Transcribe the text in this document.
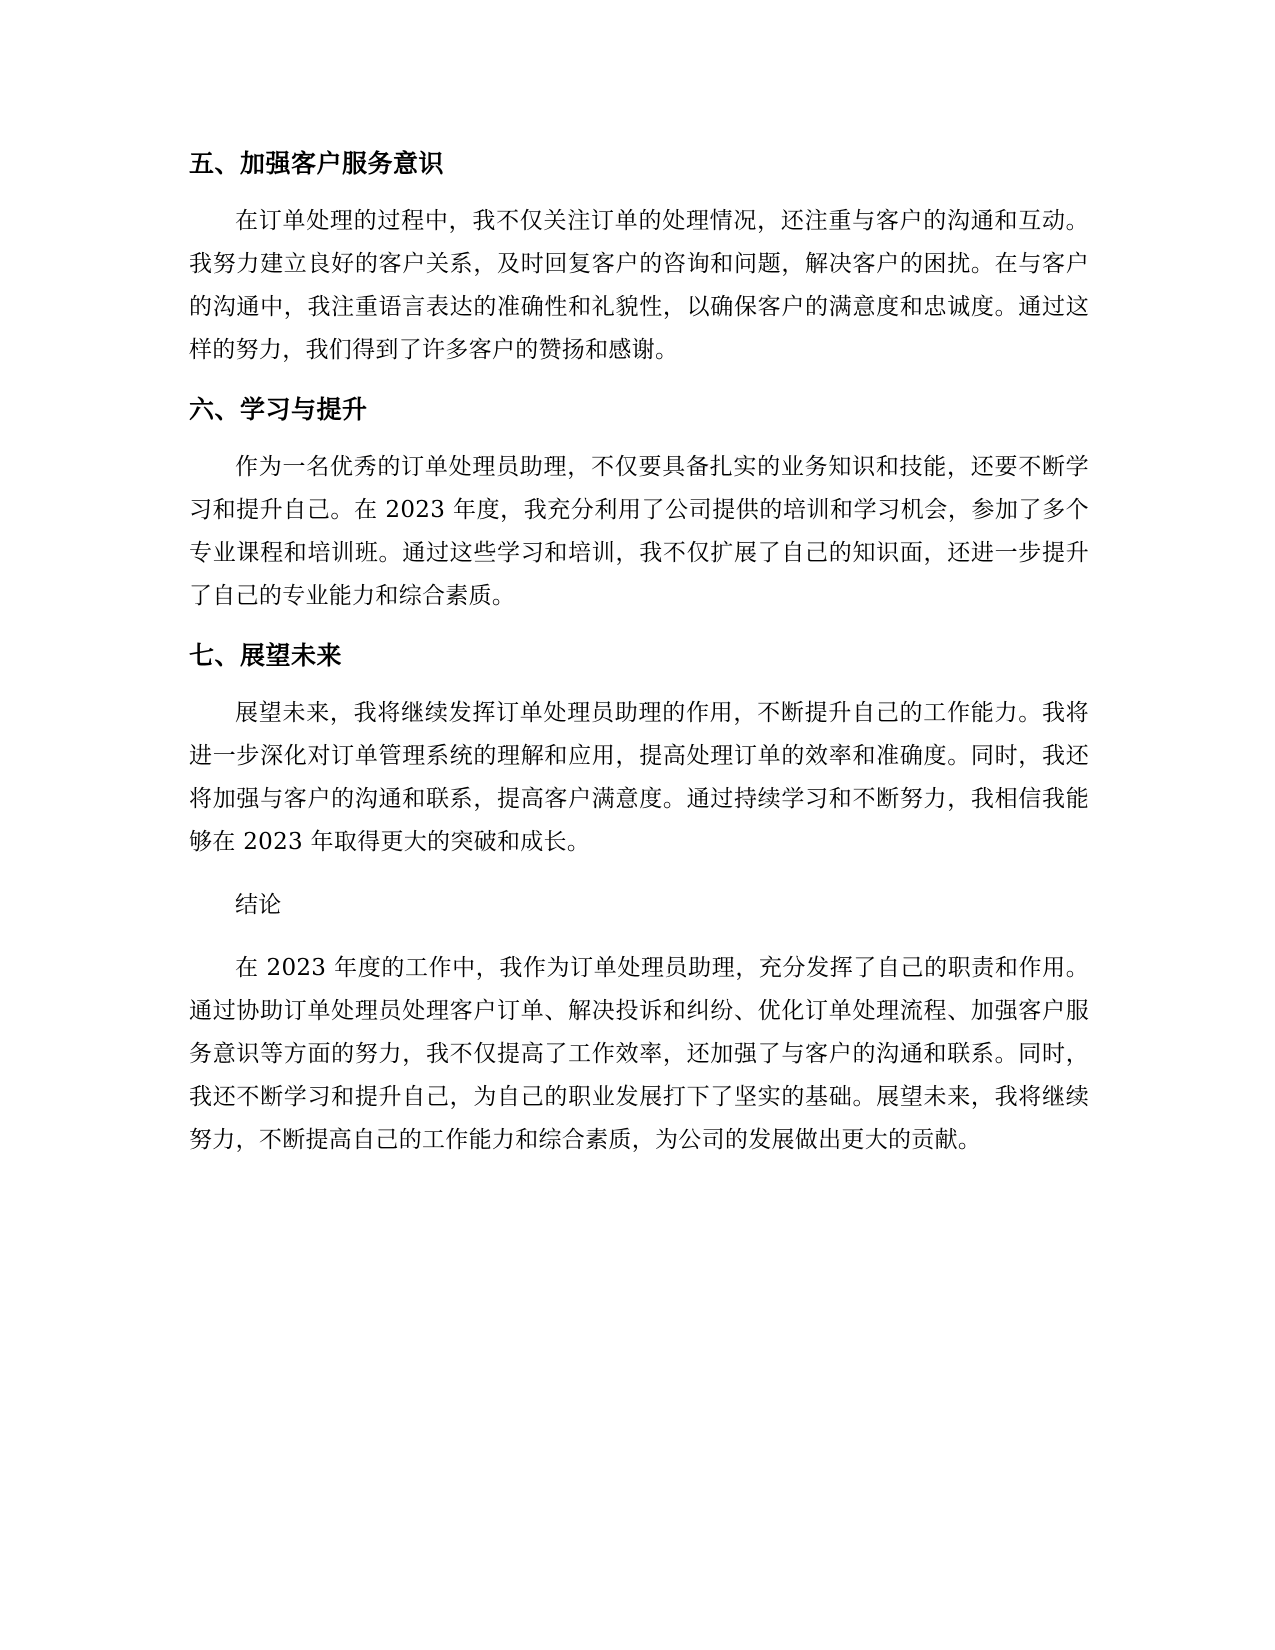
五、加强客户服务意识

在订单处理的过程中，我不仅关注订单的处理情况，还注重与客户的沟通和互动。我努力建立良好的客户关系，及时回复客户的咨询和问题，解决客户的困扰。在与客户的沟通中，我注重语言表达的准确性和礼貌性，以确保客户的满意度和忠诚度。通过这样的努力，我们得到了许多客户的赞扬和感谢。

六、学习与提升

作为一名优秀的订单处理员助理，不仅要具备扎实的业务知识和技能，还要不断学习和提升自己。在 2023 年度，我充分利用了公司提供的培训和学习机会，参加了多个专业课程和培训班。通过这些学习和培训，我不仅扩展了自己的知识面，还进一步提升了自己的专业能力和综合素质。

七、展望未来

展望未来，我将继续发挥订单处理员助理的作用，不断提升自己的工作能力。我将进一步深化对订单管理系统的理解和应用，提高处理订单的效率和准确度。同时，我还将加强与客户的沟通和联系，提高客户满意度。通过持续学习和不断努力，我相信我能够在 2023 年取得更大的突破和成长。

结论

在 2023 年度的工作中，我作为订单处理员助理，充分发挥了自己的职责和作用。通过协助订单处理员处理客户订单、解决投诉和纠纷、优化订单处理流程、加强客户服务意识等方面的努力，我不仅提高了工作效率，还加强了与客户的沟通和联系。同时，我还不断学习和提升自己，为自己的职业发展打下了坚实的基础。展望未来，我将继续努力，不断提高自己的工作能力和综合素质，为公司的发展做出更大的贡献。
